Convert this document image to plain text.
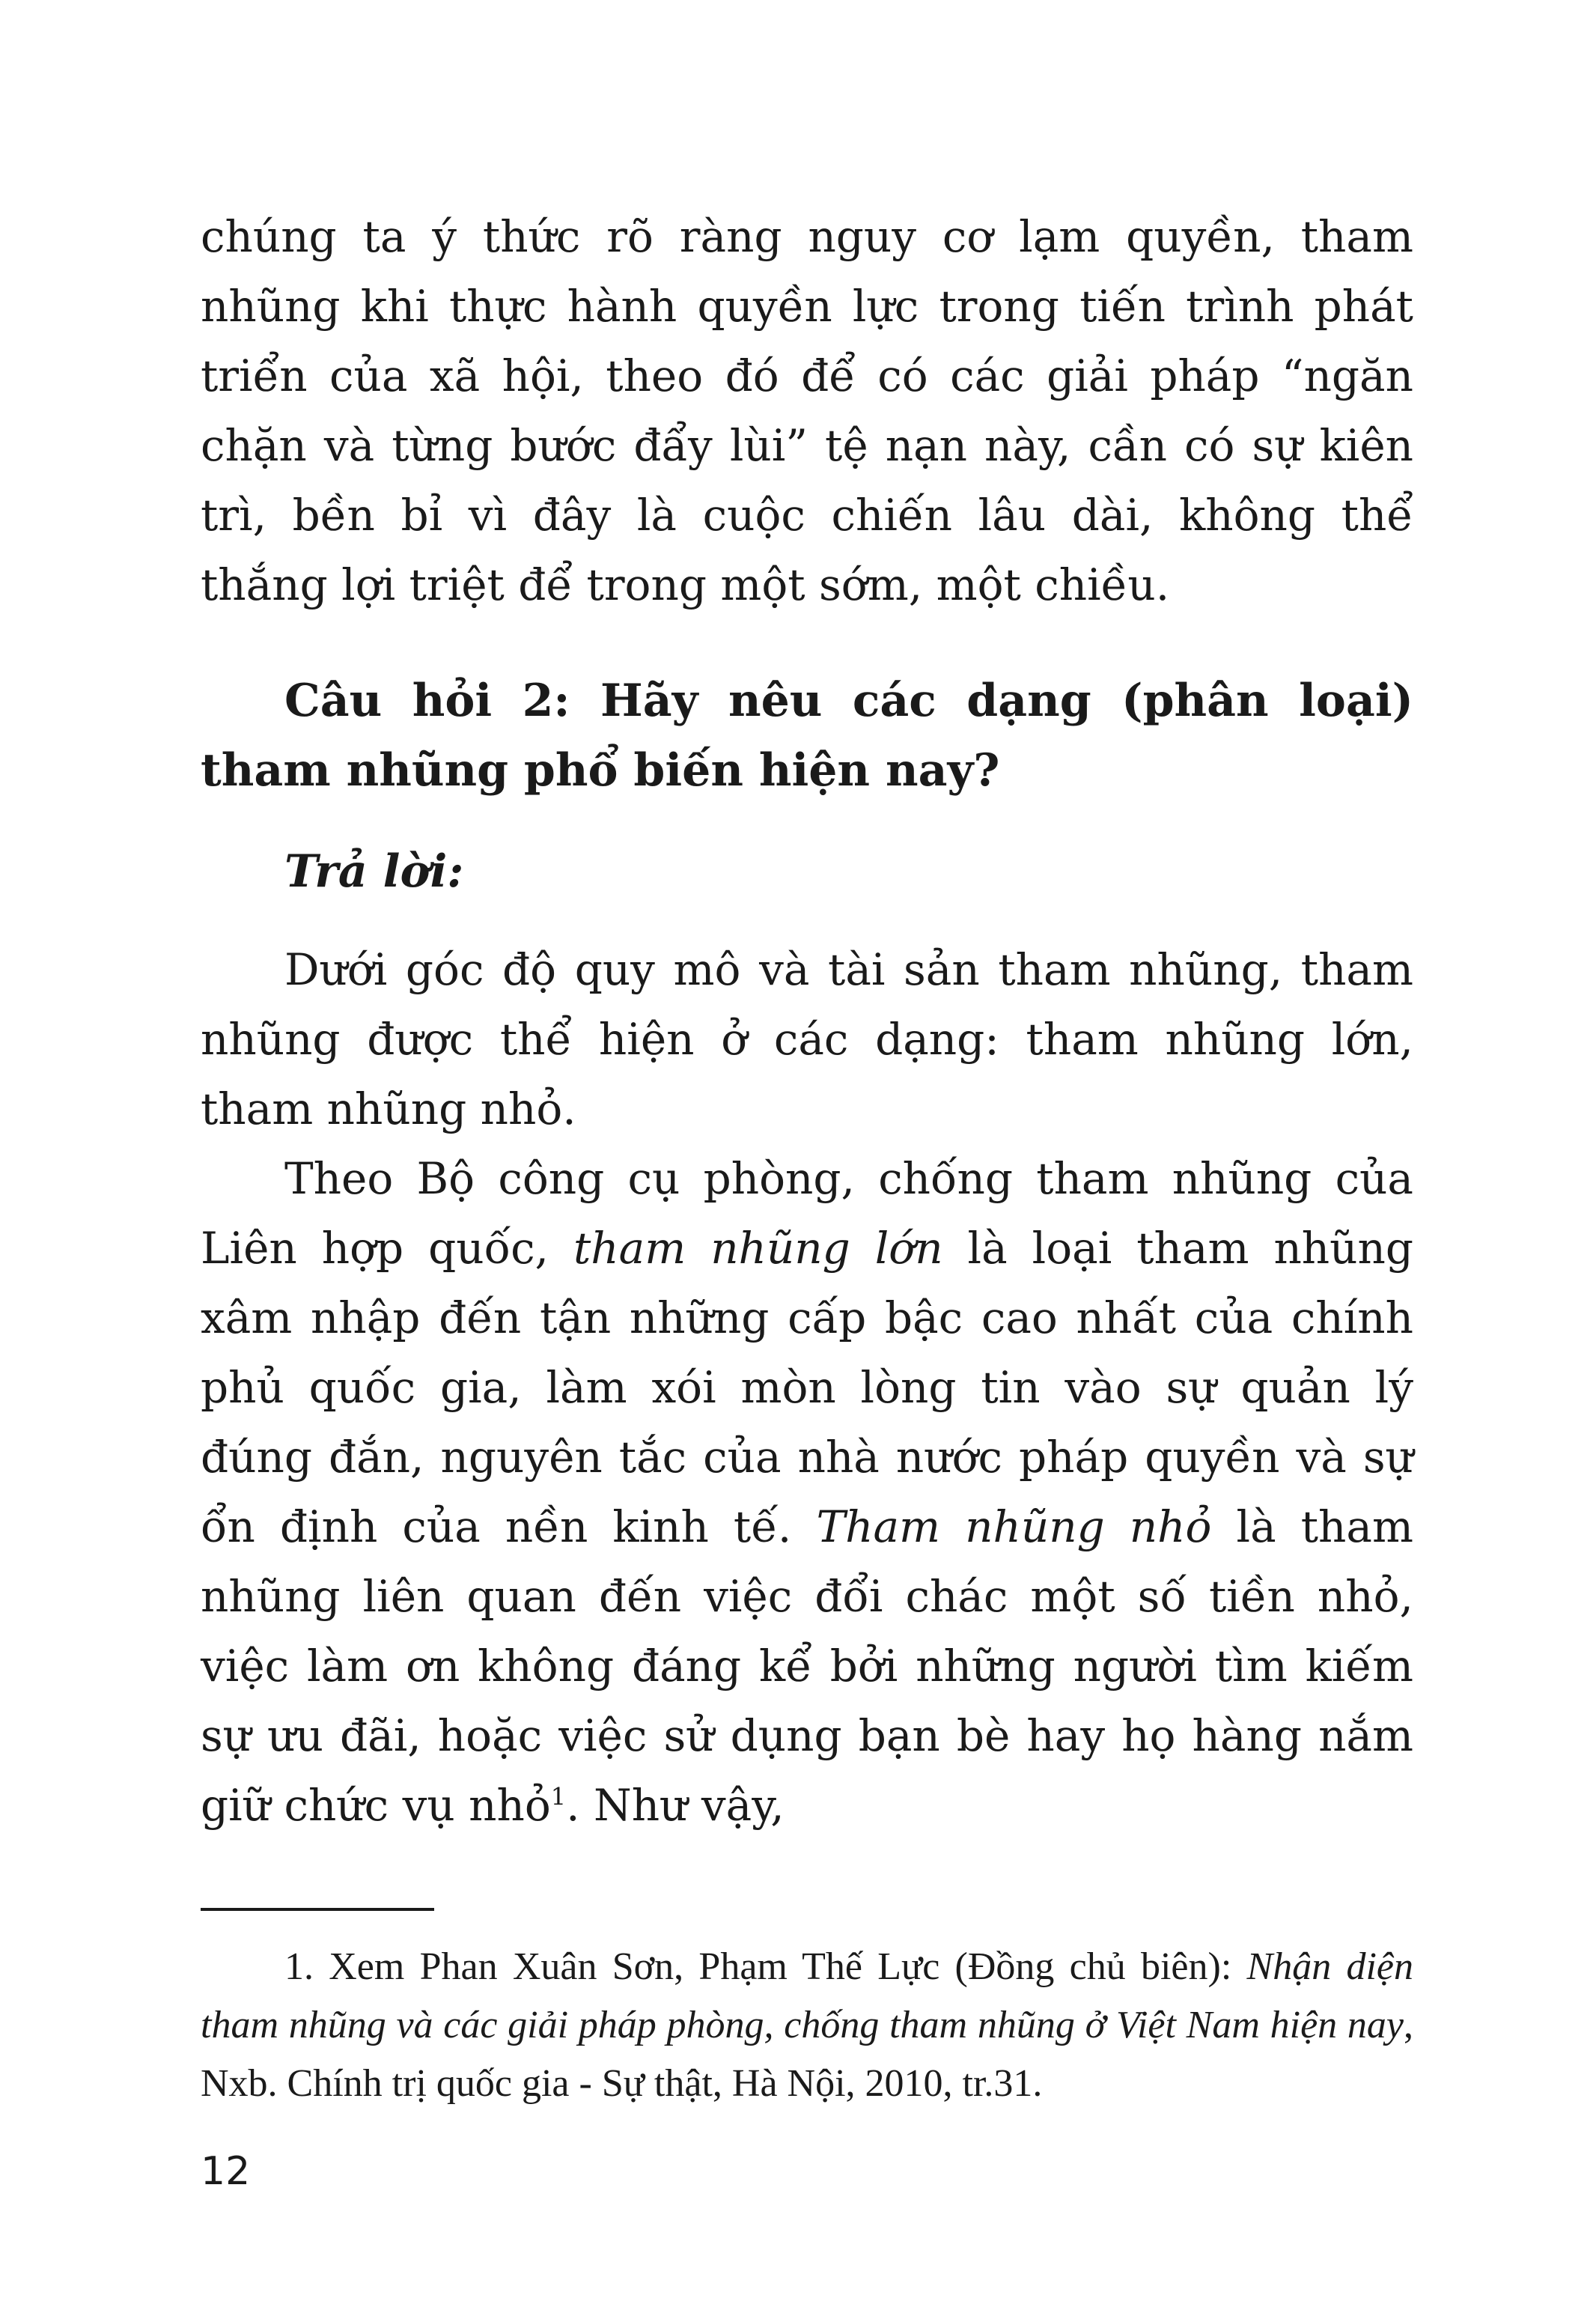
chúng ta ý thức rõ ràng nguy cơ lạm quyền, tham nhũng khi thực hành quyền lực trong tiến trình phát triển của xã hội, theo đó để có các giải pháp “ngăn chặn và từng bước đẩy lùi” tệ nạn này, cần có sự kiên trì, bền bỉ vì đây là cuộc chiến lâu dài, không thể thắng lợi triệt để trong một sớm, một chiều.

Câu hỏi 2: Hãy nêu các dạng (phân loại) tham nhũng phổ biến hiện nay?

Trả lời:

Dưới góc độ quy mô và tài sản tham nhũng, tham nhũng được thể hiện ở các dạng: tham nhũng lớn, tham nhũng nhỏ.

Theo Bộ công cụ phòng, chống tham nhũng của Liên hợp quốc, tham nhũng lớn là loại tham nhũng xâm nhập đến tận những cấp bậc cao nhất của chính phủ quốc gia, làm xói mòn lòng tin vào sự quản lý đúng đắn, nguyên tắc của nhà nước pháp quyền và sự ổn định của nền kinh tế. Tham nhũng nhỏ là tham nhũng liên quan đến việc đổi chác một số tiền nhỏ, việc làm ơn không đáng kể bởi những người tìm kiếm sự ưu đãi, hoặc việc sử dụng bạn bè hay họ hàng nắm giữ chức vụ nhỏ$^1$. Như vậy,

1. Xem Phan Xuân Sơn, Phạm Thế Lực (Đồng chủ biên): Nhận diện tham nhũng và các giải pháp phòng, chống tham nhũng ở Việt Nam hiện nay, Nxb. Chính trị quốc gia - Sự thật, Hà Nội, 2010, tr.31.

12
